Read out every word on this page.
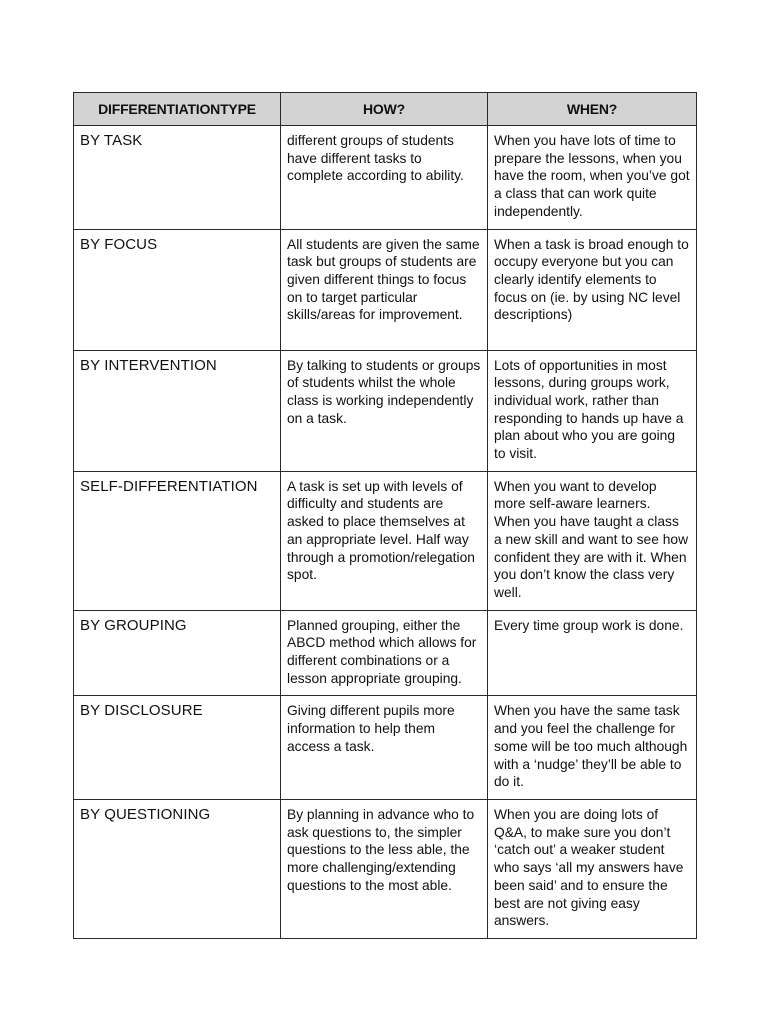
DIFFERENTIATIONTYPE	HOW?	WHEN?
BY TASK	different groups of students have different tasks to complete according to ability.	When you have lots of time to prepare the lessons, when you have the room, when you’ve got a class that can work quite independently.
BY FOCUS	All students are given the same task but groups of students are given different things to focus on to target particular skills/areas for improvement.	When a task is broad enough to occupy everyone but you can clearly identify elements to focus on (ie. by using NC level descriptions)
BY INTERVENTION	By talking to students or groups of students whilst the whole class is working independently on a task.	Lots of opportunities in most lessons, during groups work, individual work, rather than responding to hands up have a plan about who you are going to visit.
SELF-DIFFERENTIATION	A task is set up with levels of difficulty and students are asked to place themselves at an appropriate level. Half way through a promotion/relegation spot.	When you want to develop more self-aware learners. When you have taught a class a new skill and want to see how confident they are with it. When you don’t know the class very well.
BY GROUPING	Planned grouping, either the ABCD method which allows for different combinations or a lesson appropriate grouping.	Every time group work is done.
BY DISCLOSURE	Giving different pupils more information to help them access a task.	When you have the same task and you feel the challenge for some will be too much although with a ‘nudge’ they’ll be able to do it.
BY QUESTIONING	By planning in advance who to ask questions to, the simpler questions to the less able, the more challenging/extending questions to the most able.	When you are doing lots of Q&A, to make sure you don’t ‘catch out’ a weaker student who says ‘all my answers have been said’ and to ensure the best are not giving easy answers.
